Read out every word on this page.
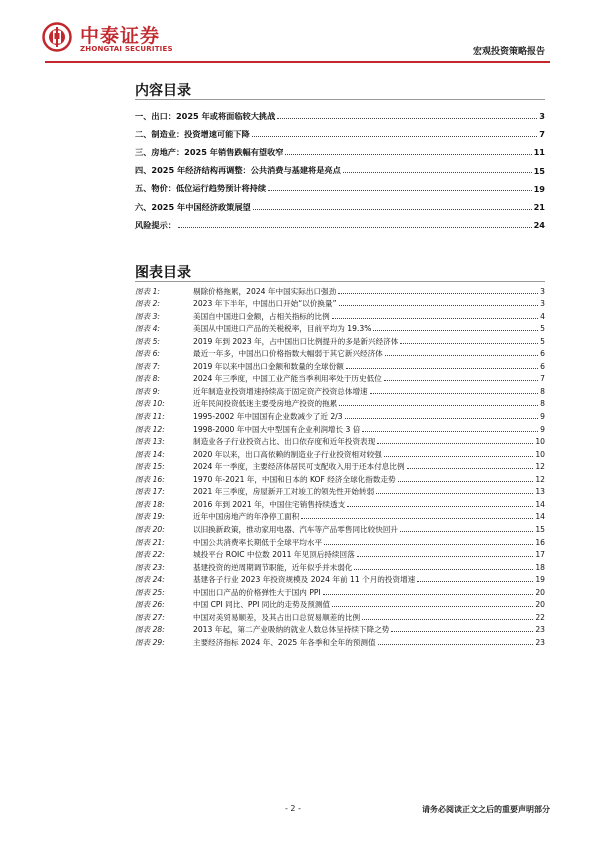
中泰证券
ZHONGTAI SECURITIES	宏观投资策略报告
内容目录
一、出口：2025 年或将面临较大挑战	3
二、制造业：投资增速可能下降	7
三、房地产：2025 年销售跌幅有望收窄	11
四、2025 年经济结构再调整：公共消费与基建将是亮点	15
五、物价：低位运行趋势预计将持续	19
六、2025 年中国经济政策展望	21
风险提示：	24
图表目录
图表 1:	剔除价格拖累，2024 年中国实际出口强劲	3
图表 2:	2023 年下半年，中国出口开始“以价换量”	3
图表 3:	美国自中国进口金额，占相关指标的比例	4
图表 4:	美国从中国进口产品的关税税率，目前平均为 19.3%	5
图表 5:	2019 年到 2023 年，占中国出口比例提升的多是新兴经济体	5
图表 6:	最近一年多，中国出口价格指数大幅弱于其它新兴经济体	6
图表 7:	2019 年以来中国出口金额和数量的全球份额	6
图表 8:	2024 年三季度，中国工业产能当季利用率处于历史低位	7
图表 9:	近年制造业投资增速持续高于固定资产投资总体增速	8
图表 10:	近年民间投资低迷主要受房地产投资的拖累	8
图表 11:	1995-2002 年中国国有企业数减少了近 2/3	9
图表 12:	1998-2000 年中国大中型国有企业利润增长 3 倍	9
图表 13:	制造业各子行业投资占比、出口依存度和近年投资表现	10
图表 14:	2020 年以来，出口高依赖的制造业子行业投资相对较强	10
图表 15:	2024 年一季度，主要经济体居民可支配收入用于还本付息比例	12
图表 16:	1970 年-2021 年，中国和日本的 KOF 经济全球化指数走势	12
图表 17:	2021 年三季度，房屋新开工对竣工的领先性开始转弱	13
图表 18:	2016 年到 2021 年，中国住宅销售持续透支	14
图表 19:	近年中国房地产的年净停工面积	14
图表 20:	以旧换新政策，推动家用电器、汽车等产品零售同比较快回升	15
图表 21:	中国公共消费率长期低于全球平均水平	16
图表 22:	城投平台 ROIC 中位数 2011 年见顶后持续回落	17
图表 23:	基建投资的逆周期调节职能，近年似乎并未弱化	18
图表 24:	基建各子行业 2023 年投资规模及 2024 年前 11 个月的投资增速	19
图表 25:	中国出口产品的价格弹性大于国内 PPI	20
图表 26:	中国 CPI 同比、PPI 同比的走势及预测值	20
图表 27:	中国对美贸易顺差，及其占出口总贸易顺差的比例	22
图表 28:	2013 年起，第二产业吸纳的就业人数总体呈持续下降之势	23
图表 29:	主要经济指标 2024 年、2025 年各季和全年的预测值	23
- 2 -	请务必阅读正文之后的重要声明部分
